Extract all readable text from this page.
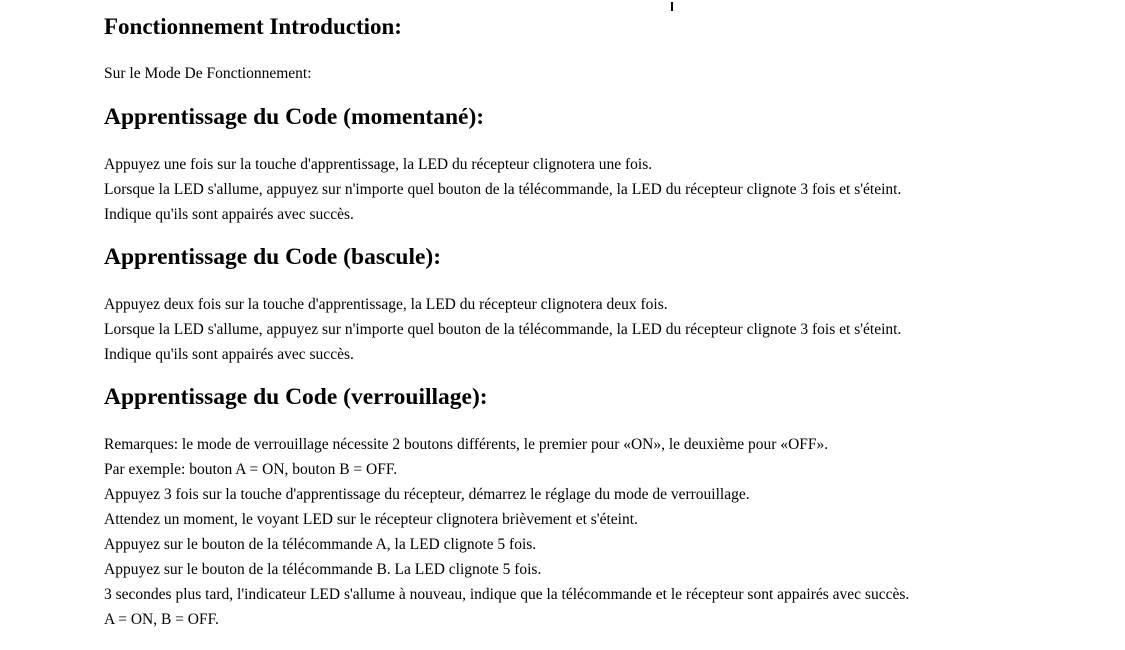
Fonctionnement Introduction:

Sur le Mode De Fonctionnement:

Apprentissage du Code (momentané):

Appuyez une fois sur la touche d'apprentissage, la LED du récepteur clignotera une fois.

Lorsque la LED s'allume, appuyez sur n'importe quel bouton de la télécommande, la LED du récepteur clignote 3 fois et s'éteint.

Indique qu'ils sont appairés avec succès.

Apprentissage du Code (bascule):

Appuyez deux fois sur la touche d'apprentissage, la LED du récepteur clignotera deux fois.

Lorsque la LED s'allume, appuyez sur n'importe quel bouton de la télécommande, la LED du récepteur clignote 3 fois et s'éteint.

Indique qu'ils sont appairés avec succès.

Apprentissage du Code (verrouillage):

Remarques: le mode de verrouillage nécessite 2 boutons différents, le premier pour «ON», le deuxième pour «OFF».

Par exemple: bouton A = ON, bouton B = OFF.

Appuyez 3 fois sur la touche d'apprentissage du récepteur, démarrez le réglage du mode de verrouillage.

Attendez un moment, le voyant LED sur le récepteur clignotera brièvement et s'éteint.

Appuyez sur le bouton de la télécommande A, la LED clignote 5 fois.

Appuyez sur le bouton de la télécommande B. La LED clignote 5 fois.

3 secondes plus tard, l'indicateur LED s'allume à nouveau, indique que la télécommande et le récepteur sont appairés avec succès.

A = ON, B = OFF.
